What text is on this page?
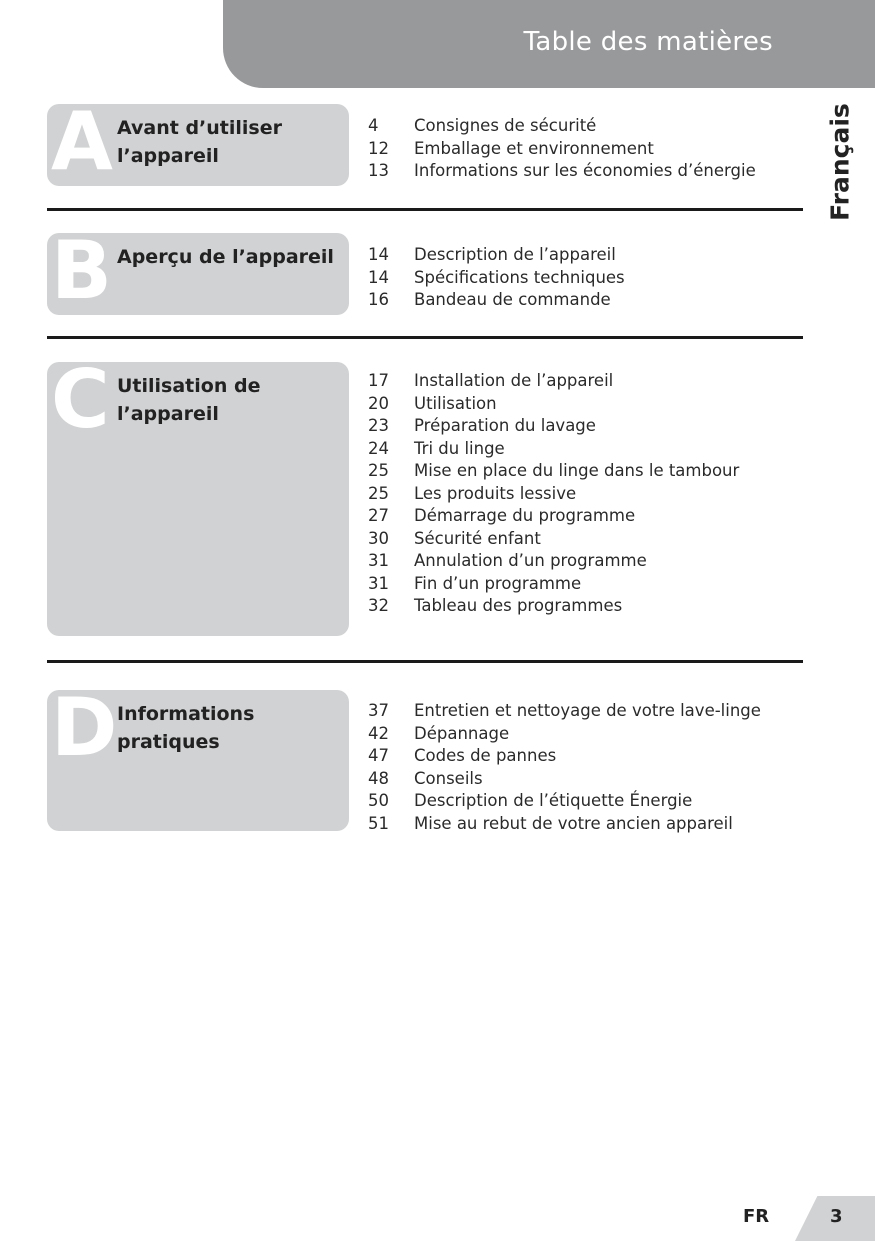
Table des matières
Français
A Avant d’utiliser
l’appareil
4 Consignes de sécurité
12 Emballage et environnement
13 Informations sur les économies d’énergie
B Aperçu de l’appareil	14 Description de l’appareil
14 Spécifications techniques
16 Bandeau de commande
C Utilisation de
l’appareil
17 Installation de l’appareil
20 Utilisation
23 Préparation du lavage
24 Tri du linge
25 Mise en place du linge dans le tambour
25 Les produits lessive
27 Démarrage du programme
30 Sécurité enfant
31 Annulation d’un programme
31 Fin d’un programme
32 Tableau des programmes
D Informations
pratiques
37 Entretien et nettoyage de votre lave-linge
42 Dépannage
47 Codes de pannes
48 Conseils
50 Description de l’étiquette Énergie
51 Mise au rebut de votre ancien appareil
FR	3
